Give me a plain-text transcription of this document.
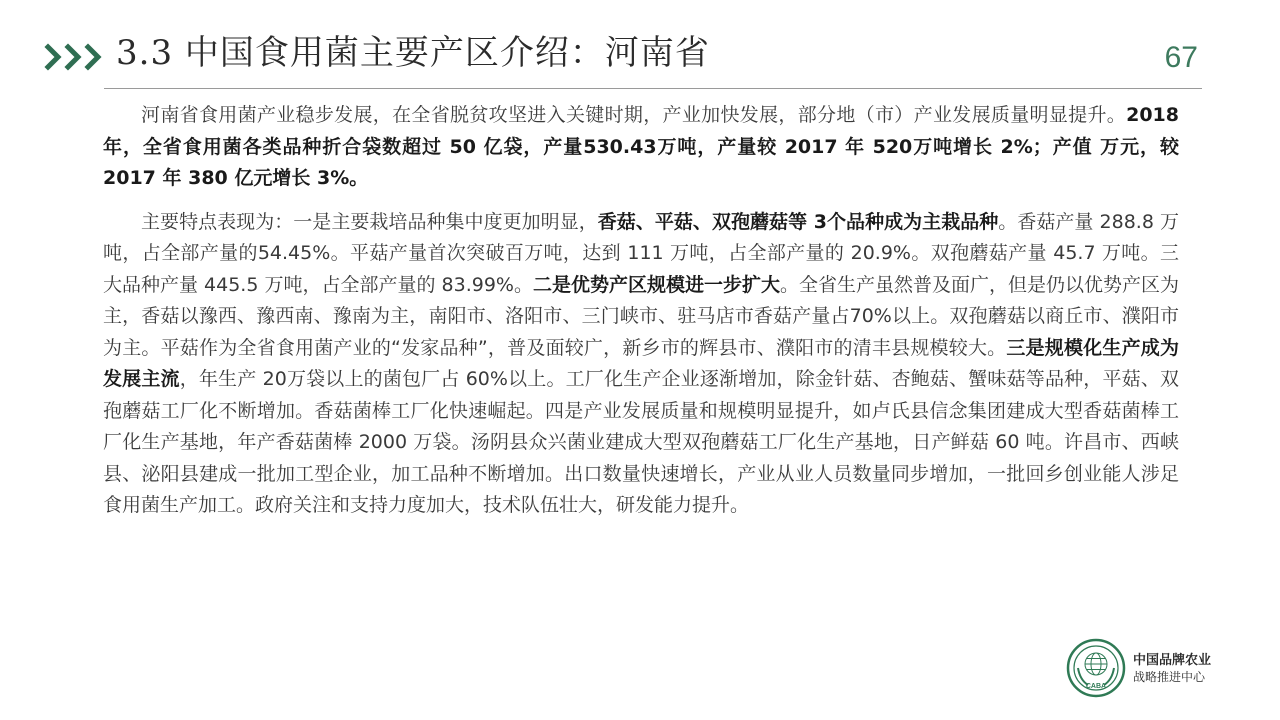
3.3 中国食用菌主要产区介绍：河南省	67

河南省食用菌产业稳步发展，在全省脱贫攻坚进入关键时期，产业加快发展，部分地（市）产业发展质量明显提升。2018 年，全省食用菌各类品种折合袋数超过 50 亿袋，产量530.43万吨，产量较 2017 年 520万吨增长 2%；产值 万元，较 2017 年 380 亿元增长 3%。

主要特点表现为：一是主要栽培品种集中度更加明显，香菇、平菇、双孢蘑菇等 3个品种成为主栽品种。香菇产量 288.8 万吨，占全部产量的54.45%。平菇产量首次突破百万吨，达到 111 万吨，占全部产量的 20.9%。双孢蘑菇产量 45.7 万吨。三大品种产量 445.5 万吨，占全部产量的 83.99%。二是优势产区规模进一步扩大。全省生产虽然普及面广，但是仍以优势产区为主，香菇以豫西、豫西南、豫南为主，南阳市、洛阳市、三门峡市、驻马店市香菇产量占70%以上。双孢蘑菇以商丘市、濮阳市为主。平菇作为全省食用菌产业的“发家品种”，普及面较广，新乡市的辉县市、濮阳市的清丰县规模较大。三是规模化生产成为发展主流，年生产 20万袋以上的菌包厂占 60%以上。工厂化生产企业逐渐增加，除金针菇、杏鲍菇、蟹味菇等品种，平菇、双孢蘑菇工厂化不断增加。香菇菌棒工厂化快速崛起。四是产业发展质量和规模明显提升，如卢氏县信念集团建成大型香菇菌棒工厂化生产基地，年产香菇菌棒 2000 万袋。汤阴县众兴菌业建成大型双孢蘑菇工厂化生产基地，日产鲜菇 60 吨。许昌市、西峡县、泌阳县建成一批加工型企业，加工品种不断增加。出口数量快速增长，产业从业人员数量同步增加，一批回乡创业能人涉足食用菌生产加工。政府关注和支持力度加大，技术队伍壮大，研发能力提升。

CABA
中国品牌农业
战略推进中心
